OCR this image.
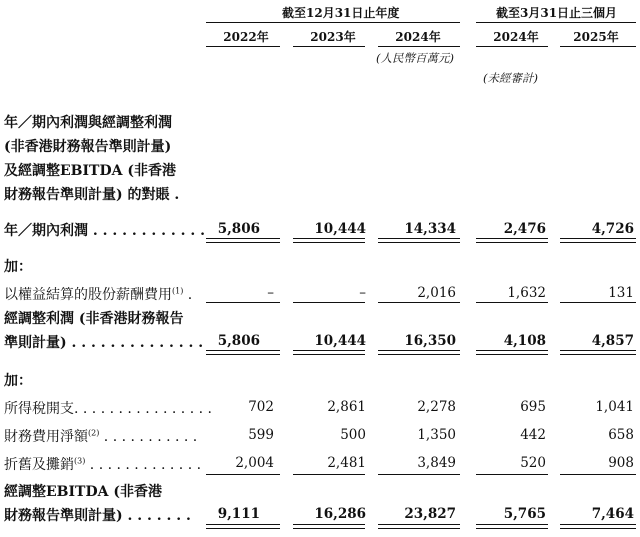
截至12月31日止年度	截至3月31日止三個月
2022年	2023年	2024年	2024年	2025年
(人民幣百萬元)
(未經審計)
年／期內利潤與經調整利潤
(非香港財務報告準則計量)
及經調整EBITDA (非香港
財務報告準則計量) 的對賬 .
年／期內利潤 . . . . . . . . . . . . 5,806	10,444	14,334	2,476	4,726
加：
以權益結算的股份薪酬費用$^{(1)}$ .	–	–	2,016	1,632	131
經調整利潤 (非香港財務報告
準則計量) . . . . . . . . . . . . . .	5,806	10,444	16,350	4,108	4,857
加：
所得稅開支. . . . . . . . . . . . . . . .	702	2,861	2,278	695	1,041
財務費用淨額$^{(2)}$ . . . . . . . . . . .	599	500	1,350	442	658
折舊及攤銷$^{(3)}$ . . . . . . . . . . . . .	2,004	2,481	3,849	520	908
經調整EBITDA (非香港
財務報告準則計量) . . . . . . .	9,111	16,286	23,827	5,765	7,464
